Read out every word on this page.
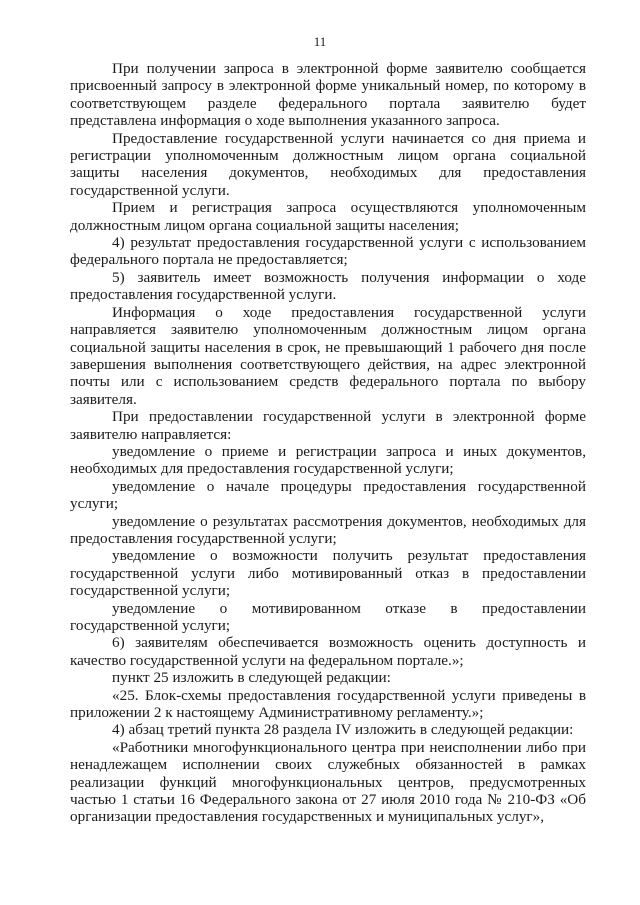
11

При получении запроса в электронной форме заявителю сообщается присвоенный запросу в электронной форме уникальный номер, по которому в соответствующем разделе федерального портала заявителю будет представлена информация о ходе выполнения указанного запроса.

Предоставление государственной услуги начинается со дня приема и регистрации уполномоченным должностным лицом органа социальной защиты населения документов, необходимых для предоставления государственной услуги.

Прием и регистрация запроса осуществляются уполномоченным должностным лицом органа социальной защиты населения;

4) результат предоставления государственной услуги с использованием федерального портала не предоставляется;

5) заявитель имеет возможность получения информации о ходе предоставления государственной услуги.

Информация о ходе предоставления государственной услуги направляется заявителю уполномоченным должностным лицом органа социальной защиты населения в срок, не превышающий 1 рабочего дня после завершения выполнения соответствующего действия, на адрес электронной почты или с использованием средств федерального портала по выбору заявителя.

При предоставлении государственной услуги в электронной форме заявителю направляется:

уведомление о приеме и регистрации запроса и иных документов, необходимых для предоставления государственной услуги;

уведомление о начале процедуры предоставления государственной услуги;

уведомление о результатах рассмотрения документов, необходимых для предоставления государственной услуги;

уведомление о возможности получить результат предоставления государственной услуги либо мотивированный отказ в предоставлении государственной услуги;

уведомление о мотивированном отказе в предоставлении государственной услуги;

6) заявителям обеспечивается возможность оценить доступность и качество государственной услуги на федеральном портале.»;

пункт 25 изложить в следующей редакции:

«25. Блок-схемы предоставления государственной услуги приведены в приложении 2 к настоящему Административному регламенту.»;

4) абзац третий пункта 28 раздела IV изложить в следующей редакции:

«Работники многофункционального центра при неисполнении либо при ненадлежащем исполнении своих служебных обязанностей в рамках реализации функций многофункциональных центров, предусмотренных частью 1 статьи 16 Федерального закона от 27 июля 2010 года № 210-ФЗ «Об организации предоставления государственных и муниципальных услуг»,
